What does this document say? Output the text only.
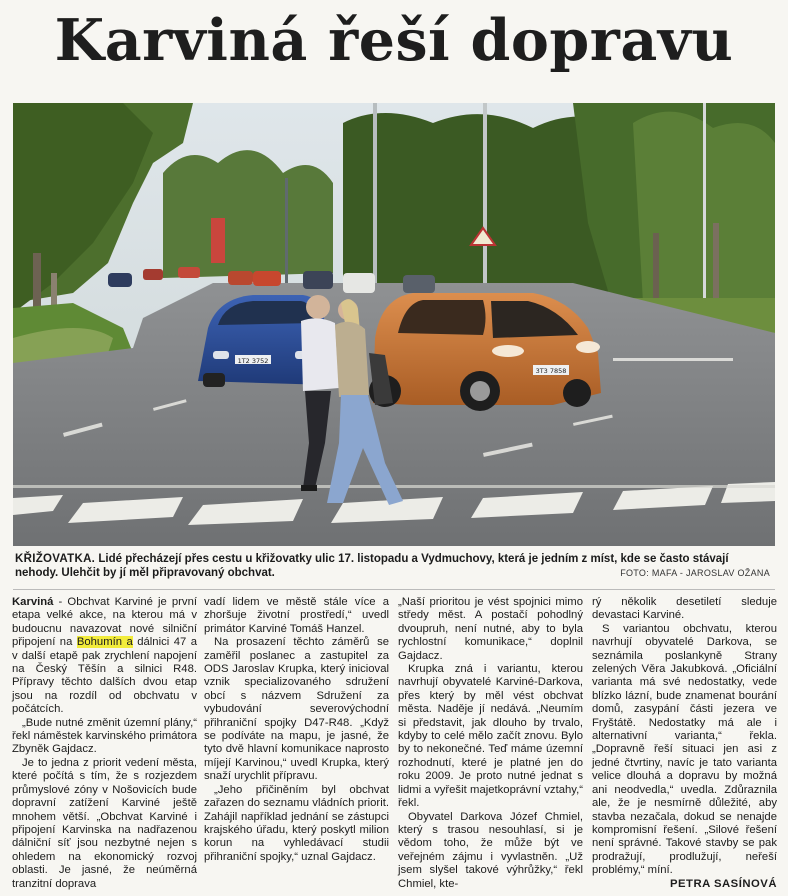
Karviná řeší dopravu
1T2 3752
3T3 7858
KŘIŽOVATKA. Lidé přecházejí přes cestu u křižovatky ulic 17. listopadu a Vydmuchovy, která je jedním z míst, kde se často stávají nehody. Ulehčit by jí měl připravovaný obchvat.	FOTO: MAFA - JAROSLAV OŽANA

Karviná - Obchvat Karviné je první etapa velké akce, na kterou má v budoucnu navazovat nové silniční připojení na Bohumín a dálnici 47 a v další etapě pak zrychlení napojení na Český Těšín a silnici R48. Přípravy těchto dalších dvou etap jsou na rozdíl od obchvatu v počátcích.

„Bude nutné změnit územní plány,“ řekl náměstek karvinského primátora Zbyněk Gajdacz.

Je to jedna z priorit vedení města, které počítá s tím, že s rozjezdem průmyslové zóny v Nošovicích bude dopravní zatížení Karviné ještě mnohem větší. „Obchvat Karviné i připojení Karvinska na nadřazenou dálniční síť jsou nezbytné nejen s ohledem na ekonomický rozvoj oblasti. Je jasné, že neúměrná tranzitní doprava

vadí lidem ve městě stále více a zhoršuje životní prostředí,“ uvedl primátor Karviné Tomáš Hanzel.

Na prosazení těchto záměrů se zaměřil poslanec a zastupitel za ODS Jaroslav Krupka, který inicioval vznik specializovaného sdružení obcí s názvem Sdružení za vybudování severovýchodní přihraniční spojky D47-R48. „Když se podíváte na mapu, je jasné, že tyto dvě hlavní komunikace naprosto míjejí Karvinou,“ uvedl Krupka, který snaží urychlit přípravu.

„Jeho přičiněním byl obchvat zařazen do seznamu vládních priorit. Zahájil například jednání se zástupci krajského úřadu, který poskytl milion korun na vyhledávací studii přihraniční spojky,“ uznal Gajdacz.

„Naší prioritou je vést spojnici mimo středy měst. A postačí pohodlný dvoupruh, není nutné, aby to byla rychlostní komunikace,“ doplnil Gajdacz.

Krupka zná i variantu, kterou navrhují obyvatelé Karviné-Darkova, přes který by měl vést obchvat města. Naděje jí nedává. „Neumím si představit, jak dlouho by trvalo, kdyby to celé mělo začít znovu. Bylo by to nekonečné. Teď máme územní rozhodnutí, které je platné jen do roku 2009. Je proto nutné jednat s lidmi a vyřešit majetkoprávní vztahy,“ řekl.

Obyvatel Darkova Józef Chmiel, který s trasou nesouhlasí, si je vědom toho, že může být ve veřejném zájmu i vyvlastněn. „Už jsem slyšel takové výhrůžky,“ řekl Chmiel, kte-

rý několik desetiletí sleduje devastaci Karviné.

S variantou obchvatu, kterou navrhují obyvatelé Darkova, se seznámila poslankyně Strany zelených Věra Jakubková. „Oficiální varianta má své nedostatky, vede blízko lázní, bude znamenat bourání domů, zasypání části jezera ve Fryštátě. Nedostatky má ale i alternativní varianta,“ řekla. „Dopravně řeší situaci jen asi z jedné čtvrtiny, navíc je tato varianta velice dlouhá a dopravu by možná ani neodvedla,“ uvedla. Zdůraznila ale, že je nesmírně důležité, aby stavba nezačala, dokud se nenajde kompromisní řešení. „Silové řešení není správné. Takové stavby se pak prodražují, prodlužují, neřeší problémy,“ míní.

PETRA SASÍNOVÁ
